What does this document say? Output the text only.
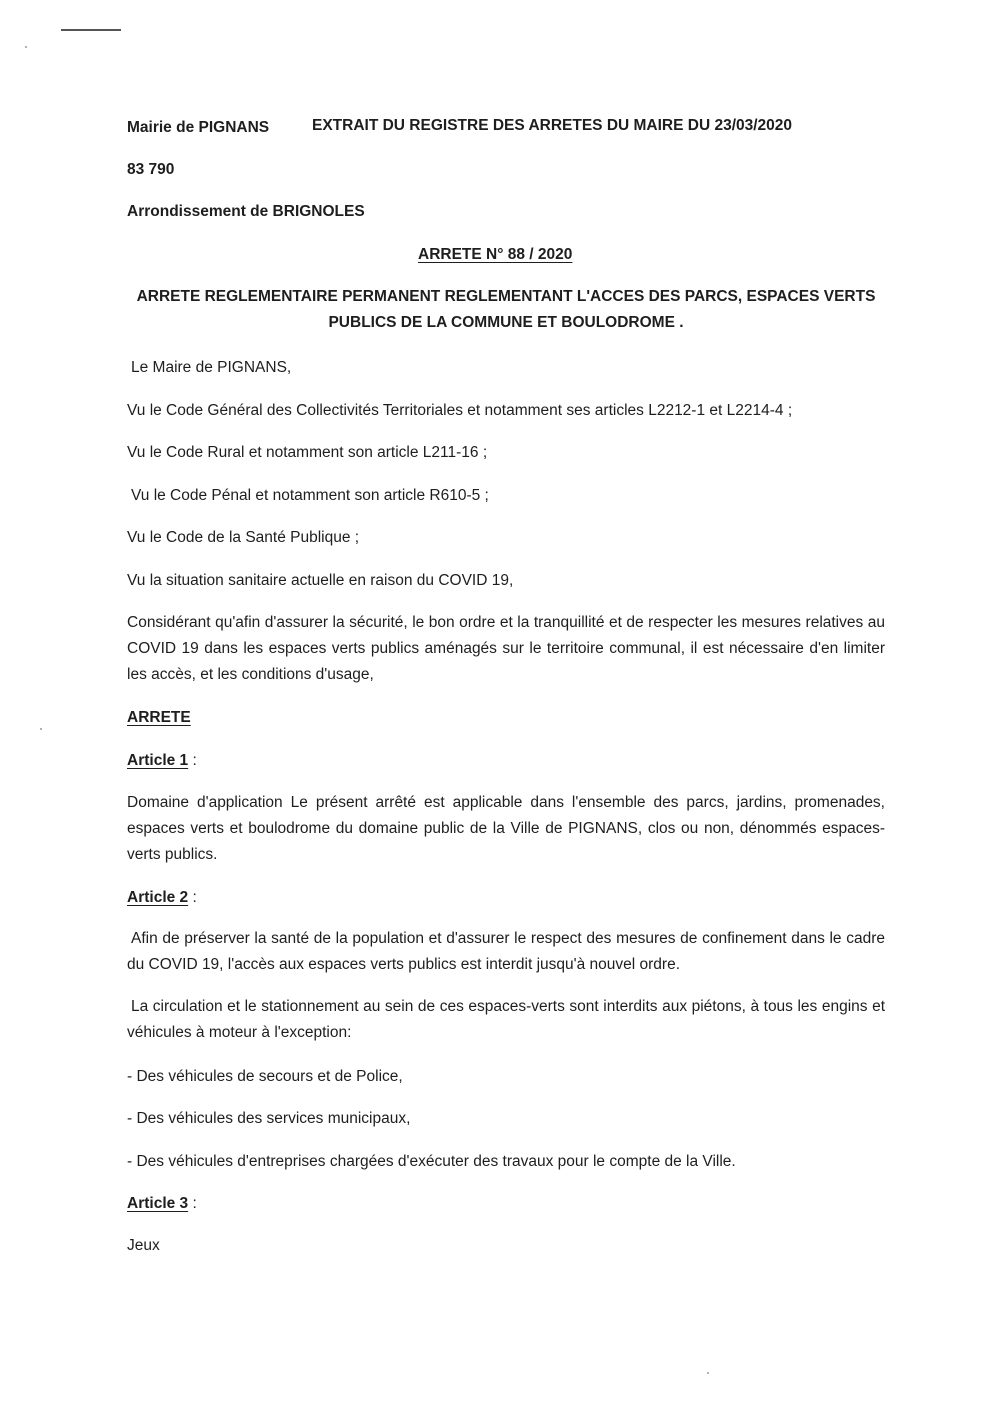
Mairie de PIGNANS	EXTRAIT DU REGISTRE DES ARRETES DU MAIRE DU 23/03/2020
83 790
Arrondissement de BRIGNOLES
ARRETE N° 88 / 2020
ARRETE REGLEMENTAIRE PERMANENT REGLEMENTANT L'ACCES DES PARCS, ESPACES VERTS PUBLICS DE LA COMMUNE ET BOULODROME .
Le Maire de PIGNANS,
Vu le Code Général des Collectivités Territoriales et notamment ses articles L2212-1 et L2214-4 ;
Vu le Code Rural et notamment son article L211-16 ;
Vu le Code Pénal et notamment son article R610-5 ;
Vu le Code de la Santé Publique ;
Vu la situation sanitaire actuelle en raison du COVID 19,
Considérant qu'afin d'assurer la sécurité, le bon ordre et la tranquillité et de respecter les mesures relatives au COVID 19 dans les espaces verts publics aménagés sur le territoire communal, il est nécessaire d'en limiter les accès, et les conditions d'usage,
ARRETE
Article 1 :
Domaine d'application Le présent arrêté est applicable dans l'ensemble des parcs, jardins, promenades, espaces verts et boulodrome du domaine public de la Ville de PIGNANS, clos ou non, dénommés espaces-verts publics.
Article 2 :
Afin de préserver la santé de la population et d'assurer le respect des mesures de confinement dans le cadre du COVID 19, l'accès aux espaces verts publics est interdit jusqu'à nouvel ordre.
La circulation et le stationnement au sein de ces espaces-verts sont interdits aux piétons, à tous les engins et véhicules à moteur à l'exception:
- Des véhicules de secours et de Police,
- Des véhicules des services municipaux,
- Des véhicules d'entreprises chargées d'exécuter des travaux pour le compte de la Ville.
Article 3 :
Jeux
